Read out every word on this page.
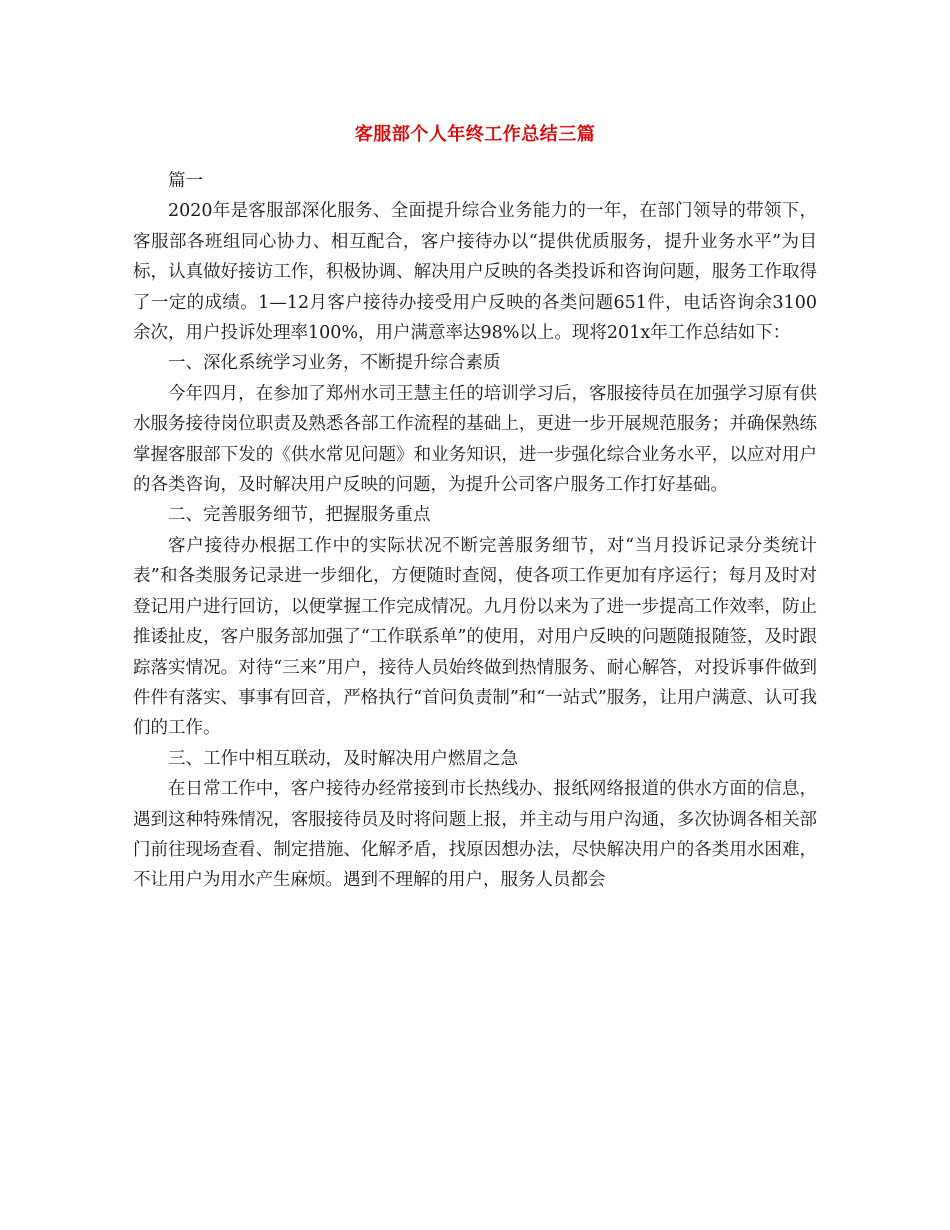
客服部个人年终工作总结三篇

篇一

2020年是客服部深化服务、全面提升综合业务能力的一年，在部门领导的带领下，客服部各班组同心协力、相互配合，客户接待办以“提供优质服务，提升业务水平”为目标，认真做好接访工作，积极协调、解决用户反映的各类投诉和咨询问题，服务工作取得了一定的成绩。1—12月客户接待办接受用户反映的各类问题651件，电话咨询余3100余次，用户投诉处理率100%，用户满意率达98%以上。现将201x年工作总结如下：

一、深化系统学习业务，不断提升综合素质

今年四月，在参加了郑州水司王慧主任的培训学习后，客服接待员在加强学习原有供水服务接待岗位职责及熟悉各部工作流程的基础上，更进一步开展规范服务；并确保熟练掌握客服部下发的《供水常见问题》和业务知识，进一步强化综合业务水平，以应对用户的各类咨询，及时解决用户反映的问题，为提升公司客户服务工作打好基础。

二、完善服务细节，把握服务重点

客户接待办根据工作中的实际状况不断完善服务细节，对“当月投诉记录分类统计表”和各类服务记录进一步细化，方便随时查阅，使各项工作更加有序运行；每月及时对登记用户进行回访，以便掌握工作完成情况。九月份以来为了进一步提高工作效率，防止推诿扯皮，客户服务部加强了“工作联系单”的使用，对用户反映的问题随报随签，及时跟踪落实情况。对待“三来”用户，接待人员始终做到热情服务、耐心解答，对投诉事件做到件件有落实、事事有回音，严格执行“首问负责制”和“一站式”服务，让用户满意、认可我们的工作。

三、工作中相互联动，及时解决用户燃眉之急

在日常工作中，客户接待办经常接到市长热线办、报纸网络报道的供水方面的信息，遇到这种特殊情况，客服接待员及时将问题上报，并主动与用户沟通，多次协调各相关部门前往现场查看、制定措施、化解矛盾，找原因想办法，尽快解决用户的各类用水困难，不让用户为用水产生麻烦。遇到不理解的用户，服务人员都会
